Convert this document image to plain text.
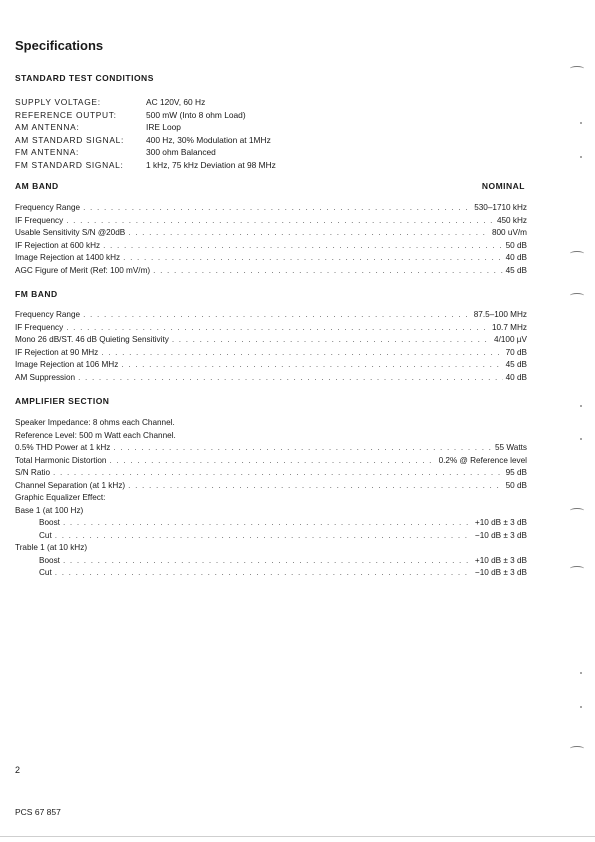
Specifications
STANDARD TEST CONDITIONS
SUPPLY VOLTAGE:	AC 120V, 60 Hz
REFERENCE OUTPUT:	500 mW (Into 8 ohm Load)
AM ANTENNA:	IRE Loop
AM STANDARD SIGNAL:	400 Hz, 30% Modulation at 1MHz
FM ANTENNA:	300 ohm Balanced
FM STANDARD SIGNAL:	1 kHz, 75 kHz Deviation at 98 MHz
AM BAND	NOMINAL
Frequency Range . . .	530–1710 kHz
IF Frequency . . .	450 kHz
Usable Sensitivity S/N @20dB . . .	800 uV/m
IF Rejection at 600 kHz . . .	50 dB
Image Rejection at 1400 kHz . . .	40 dB
AGC Figure of Merit (Ref: 100 mV/m) . . .	45 dB
FM BAND
Frequency Range . . .	87.5–100 MHz
IF Frequency . . .	10.7 MHz
Mono 26 dB/ST. 46 dB Quieting Sensitivity . . .	4/100 µV
IF Rejection at 90 MHz . . .	70 dB
Image Rejection at 106 MHz . . .	45 dB
AM Suppression . . .	40 dB
AMPLIFIER SECTION
Speaker Impedance: 8 ohms each Channel.
Reference Level: 500 m Watt each Channel.
0.5% THD Power at 1 kHz . . .	55 Watts
Total Harmonic Distortion . . .	0.2% @ Reference level
S/N Ratio . . .	95 dB
Channel Separation (at 1 kHz) . . .	50 dB
Graphic Equalizer Effect:
Base 1 (at 100 Hz)
Boost . . .	+10 dB ± 3 dB
Cut . . .	−10 dB ± 3 dB
Trable 1 (at 10 kHz)
Boost . . .	+10 dB ± 3 dB
Cut . . .	−10 dB ± 3 dB
2
PCS 67 857
